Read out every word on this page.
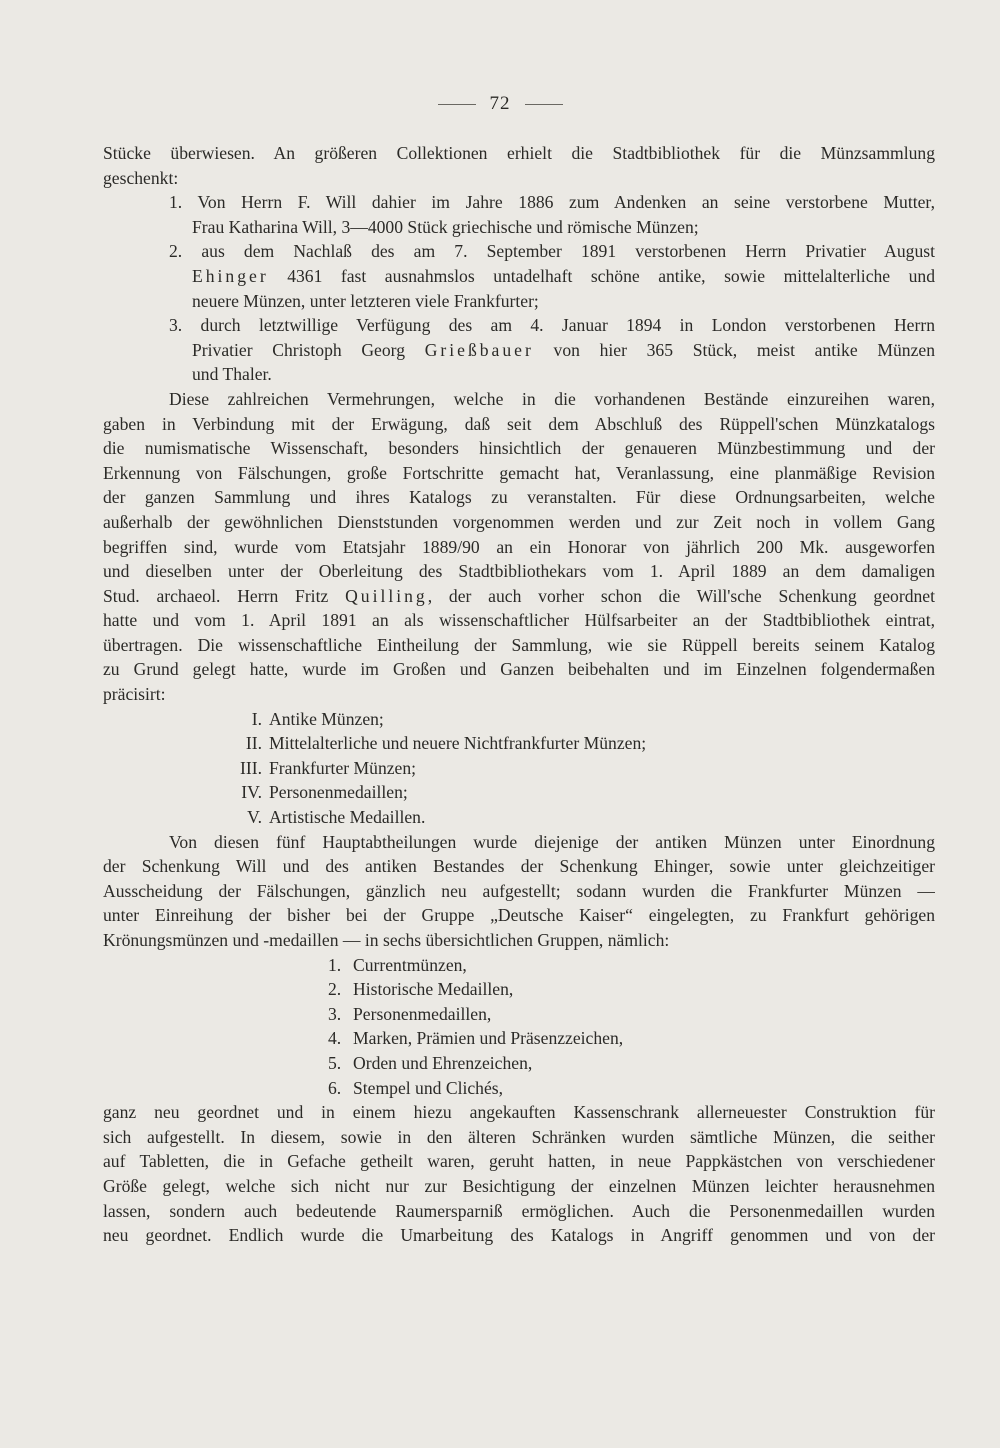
72
Stücke überwiesen. An größeren Collektionen erhielt die Stadtbibliothek für die Münzsammlung
geschenkt:
1. Von Herrn F. Will dahier im Jahre 1886 zum Andenken an seine verstorbene Mutter,
Frau Katharina Will, 3—4000 Stück griechische und römische Münzen;
2. aus dem Nachlaß des am 7. September 1891 verstorbenen Herrn Privatier August
Ehinger 4361 fast ausnahmslos untadelhaft schöne antike, sowie mittelalterliche und
neuere Münzen, unter letzteren viele Frankfurter;
3. durch letztwillige Verfügung des am 4. Januar 1894 in London verstorbenen Herrn
Privatier Christoph Georg Grießbauer von hier 365 Stück, meist antike Münzen
und Thaler.
Diese zahlreichen Vermehrungen, welche in die vorhandenen Bestände einzureihen waren,
gaben in Verbindung mit der Erwägung, daß seit dem Abschluß des Rüppell'schen Münzkatalogs
die numismatische Wissenschaft, besonders hinsichtlich der genaueren Münzbestimmung und der
Erkennung von Fälschungen, große Fortschritte gemacht hat, Veranlassung, eine planmäßige Revision
der ganzen Sammlung und ihres Katalogs zu veranstalten. Für diese Ordnungsarbeiten, welche
außerhalb der gewöhnlichen Dienststunden vorgenommen werden und zur Zeit noch in vollem Gang
begriffen sind, wurde vom Etatsjahr 1889/90 an ein Honorar von jährlich 200 Mk. ausgeworfen
und dieselben unter der Oberleitung des Stadtbibliothekars vom 1. April 1889 an dem damaligen
Stud. archaeol. Herrn Fritz Quilling, der auch vorher schon die Will'sche Schenkung geordnet
hatte und vom 1. April 1891 an als wissenschaftlicher Hülfsarbeiter an der Stadtbibliothek eintrat,
übertragen. Die wissenschaftliche Eintheilung der Sammlung, wie sie Rüppell bereits seinem Katalog
zu Grund gelegt hatte, wurde im Großen und Ganzen beibehalten und im Einzelnen folgendermaßen
präcisirt:
I. Antike Münzen;
II. Mittelalterliche und neuere Nichtfrankfurter Münzen;
III. Frankfurter Münzen;
IV. Personenmedaillen;
V. Artistische Medaillen.
Von diesen fünf Hauptabtheilungen wurde diejenige der antiken Münzen unter Einordnung
der Schenkung Will und des antiken Bestandes der Schenkung Ehinger, sowie unter gleichzeitiger
Ausscheidung der Fälschungen, gänzlich neu aufgestellt; sodann wurden die Frankfurter Münzen —
unter Einreihung der bisher bei der Gruppe „Deutsche Kaiser“ eingelegten, zu Frankfurt gehörigen
Krönungsmünzen und -medaillen — in sechs übersichtlichen Gruppen, nämlich:
1. Currentmünzen,
2. Historische Medaillen,
3. Personenmedaillen,
4. Marken, Prämien und Präsenzzeichen,
5. Orden und Ehrenzeichen,
6. Stempel und Clichés,
ganz neu geordnet und in einem hiezu angekauften Kassenschrank allerneuester Construktion für
sich aufgestellt. In diesem, sowie in den älteren Schränken wurden sämtliche Münzen, die seither
auf Tabletten, die in Gefache getheilt waren, geruht hatten, in neue Pappkästchen von verschiedener
Größe gelegt, welche sich nicht nur zur Besichtigung der einzelnen Münzen leichter herausnehmen
lassen, sondern auch bedeutende Raumersparniß ermöglichen. Auch die Personenmedaillen wurden
neu geordnet. Endlich wurde die Umarbeitung des Katalogs in Angriff genommen und von der
